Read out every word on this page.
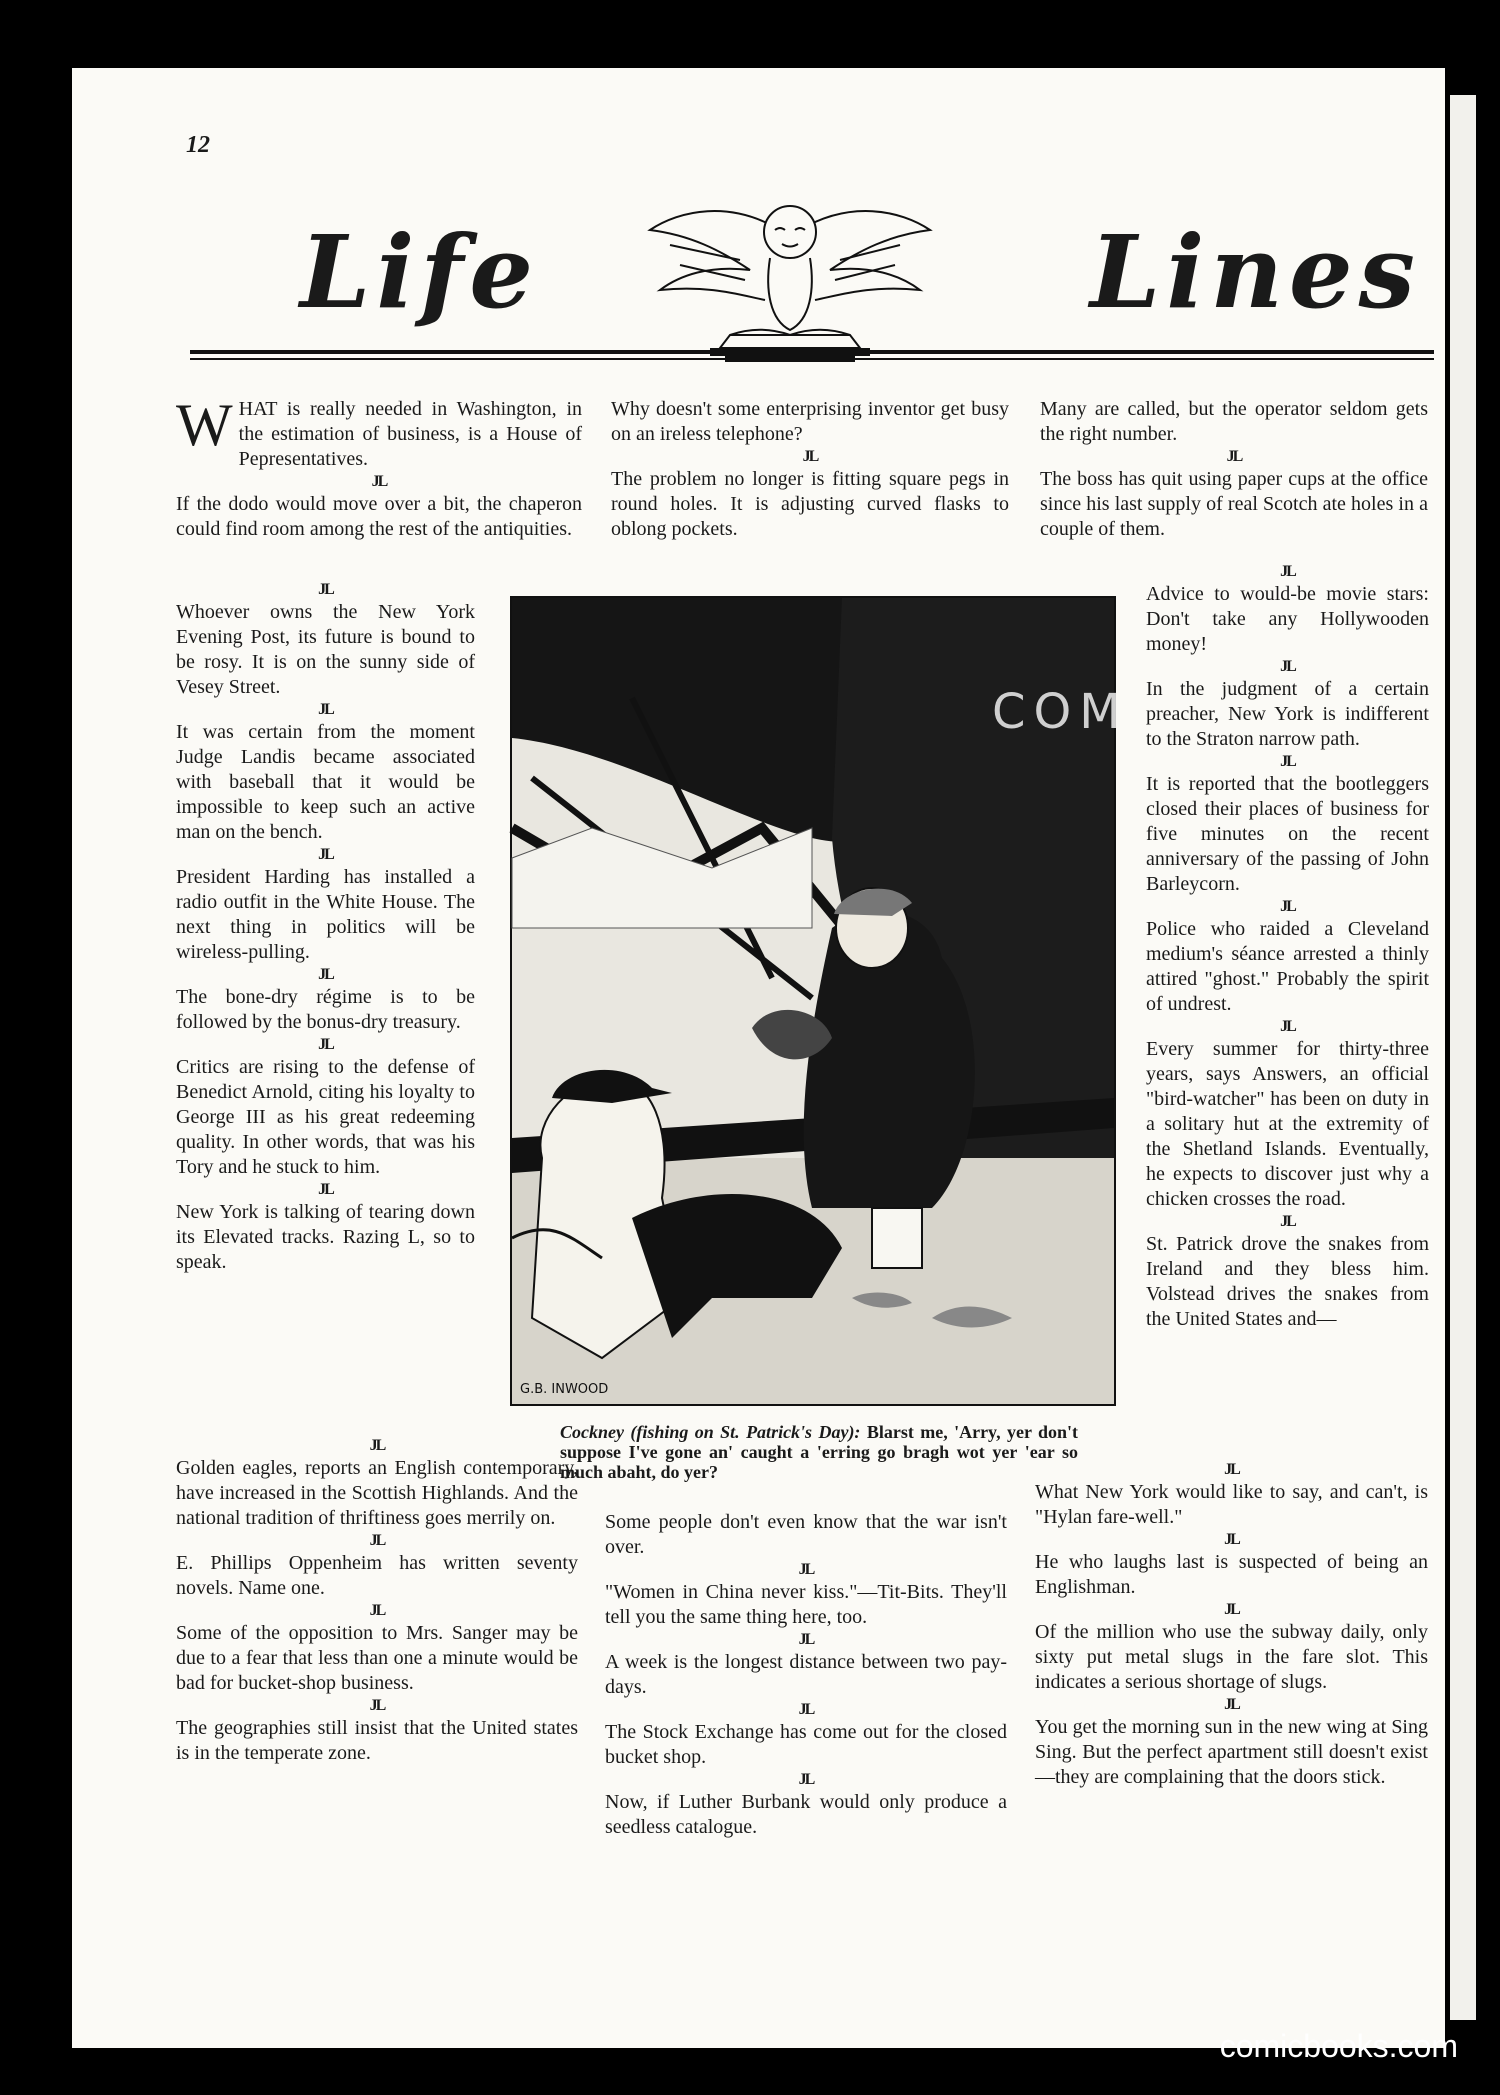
12
Life	Lines

WHAT is really needed in Washington, in the estimation of business, is a House of Pepresentatives.

JL

If the dodo would move over a bit, the chaperon could find room among the rest of the antiquities.

JL

Whoever owns the New York Evening Post, its future is bound to be rosy. It is on the sunny side of Vesey Street.

JL

It was certain from the moment Judge Landis became associated with baseball that it would be impossible to keep such an active man on the bench.

JL

President Harding has installed a radio outfit in the White House. The next thing in politics will be wireless-pulling.

JL

The bone-dry régime is to be followed by the bonus-dry treasury.

JL

Critics are rising to the defense of Benedict Arnold, citing his loyalty to George III as his great redeeming quality. In other words, that was his Tory and he stuck to him.

JL

New York is talking of tearing down its Elevated tracks. Razing L, so to speak.

JL

Golden eagles, reports an English contemporary, have increased in the Scottish Highlands. And the national tradition of thriftiness goes merrily on.

JL

E. Phillips Oppenheim has written seventy novels. Name one.

JL

Some of the opposition to Mrs. Sanger may be due to a fear that less than one a minute would be bad for bucket-shop business.

JL

The geographies still insist that the United states is in the temperate zone.

Why doesn't some enterprising inventor get busy on an ireless telephone?

JL

The problem no longer is fitting square pegs in round holes. It is adjusting curved flasks to oblong pockets.

COM
G.B. INWOOD
Cockney (fishing on St. Patrick's Day): Blarst me, 'Arry, yer don't suppose I've gone an' caught a 'erring go bragh wot yer 'ear so much abaht, do yer?

Some people don't even know that the war isn't over.

JL

"Women in China never kiss."—Tit-Bits. They'll tell you the same thing here, too.

JL

A week is the longest distance between two pay-days.

JL

The Stock Exchange has come out for the closed bucket shop.

JL

Now, if Luther Burbank would only produce a seedless catalogue.

Many are called, but the operator seldom gets the right number.

JL

The boss has quit using paper cups at the office since his last supply of real Scotch ate holes in a couple of them.

JL

Advice to would-be movie stars: Don't take any Hollywooden money!

JL

In the judgment of a certain preacher, New York is indifferent to the Straton narrow path.

JL

It is reported that the bootleggers closed their places of business for five minutes on the recent anniversary of the passing of John Barleycorn.

JL

Police who raided a Cleveland medium's séance arrested a thinly attired "ghost." Probably the spirit of undrest.

JL

Every summer for thirty-three years, says Answers, an official "bird-watcher" has been on duty in a solitary hut at the extremity of the Shetland Islands. Eventually, he expects to discover just why a chicken crosses the road.

JL

St. Patrick drove the snakes from Ireland and they bless him. Volstead drives the snakes from the United States and—

JL

What New York would like to say, and can't, is "Hylan fare-well."

JL

He who laughs last is suspected of being an Englishman.

JL

Of the million who use the subway daily, only sixty put metal slugs in the fare slot. This indicates a serious shortage of slugs.

JL

You get the morning sun in the new wing at Sing Sing. But the perfect apartment still doesn't exist—they are complaining that the doors stick.

comicbooks.com
